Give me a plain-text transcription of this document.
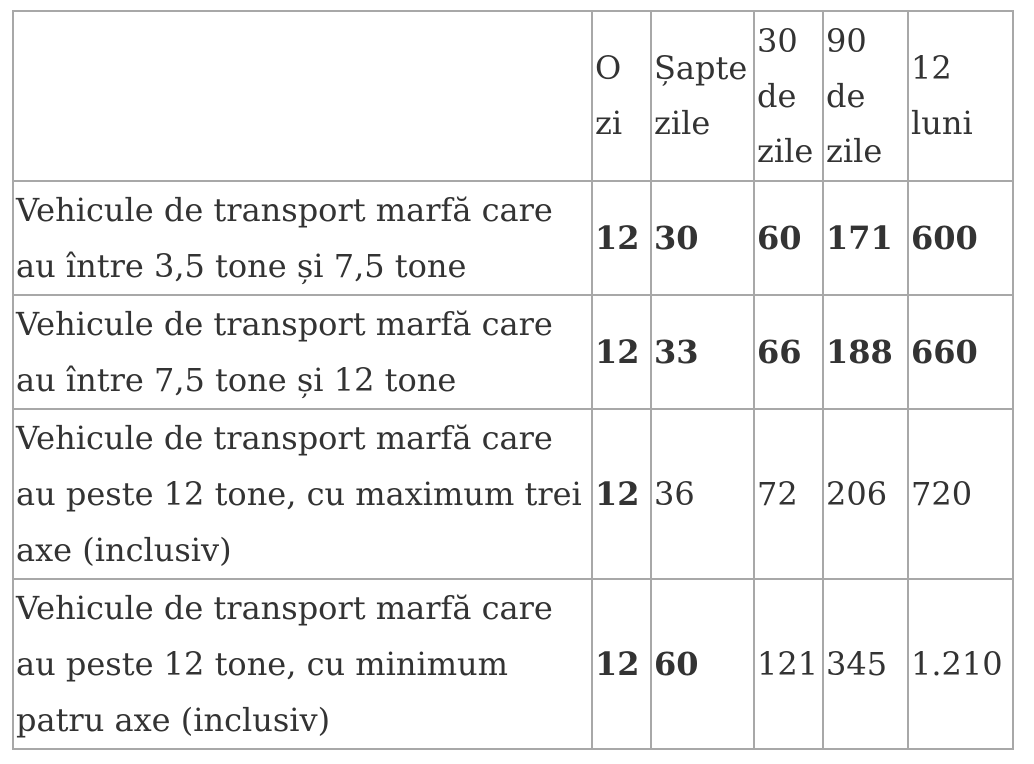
	O zi	Șapte zile	30 de zile	90 de zile	12 luni
Vehicule de transport marfă care au între 3,5 tone și 7,5 tone	12	30	60	171	600
Vehicule de transport marfă care au între 7,5 tone și 12 tone	12	33	66	188	660
Vehicule de transport marfă care au peste 12 tone, cu maximum trei axe (inclusiv)	12	36	72	206	720
Vehicule de transport marfă care au peste 12 tone, cu minimum patru axe (inclusiv)	12	60	121	345	1.210
